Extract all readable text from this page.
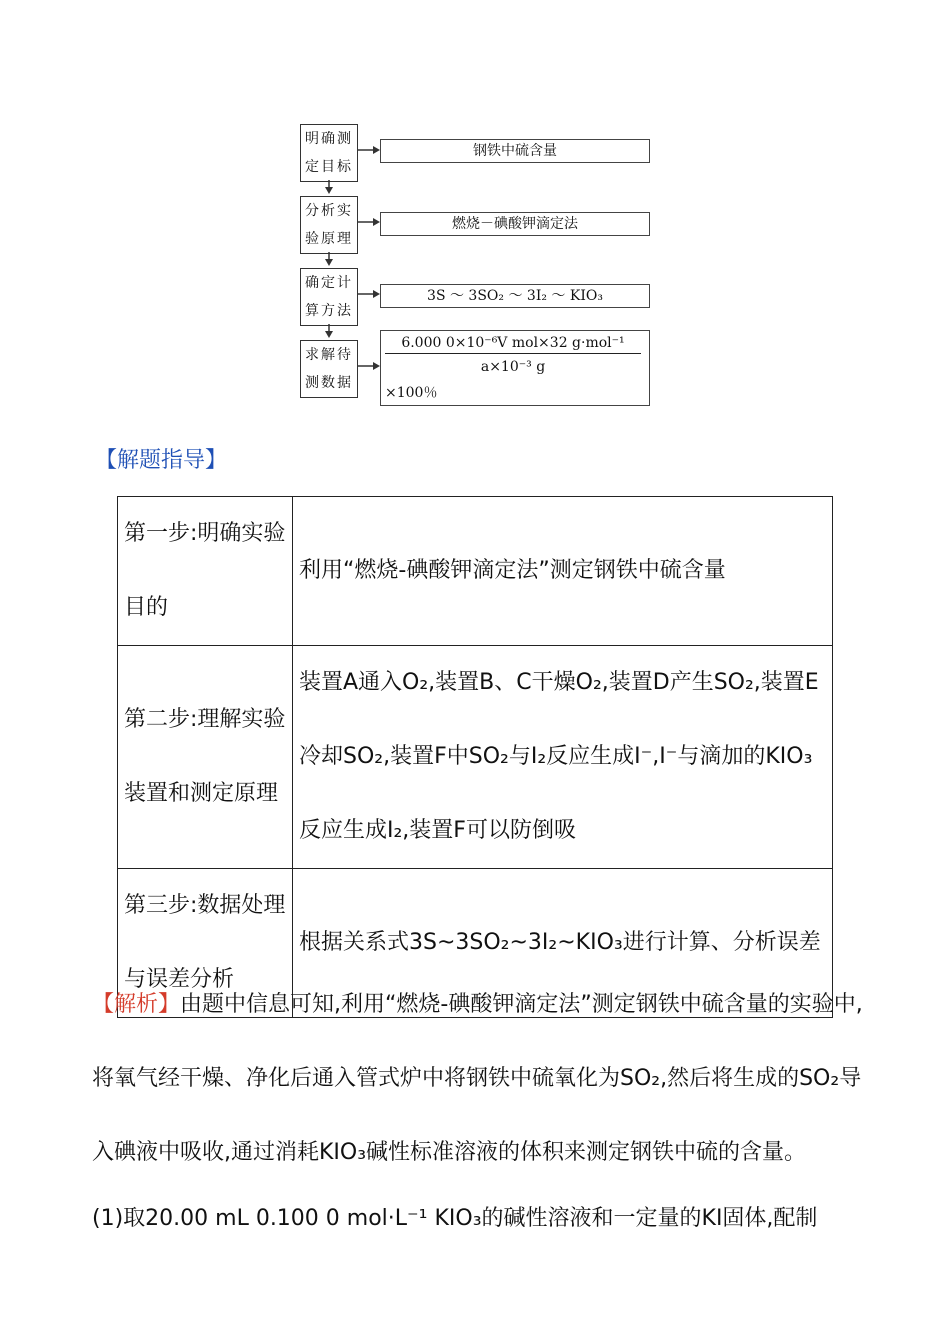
明确测定目标
钢铁中硫含量
分析实验原理
燃烧－碘酸钾滴定法
确定计算方法
3S ～ 3SO₂ ～ 3I₂ ～ KIO₃
求解待测数据
6.000 0×10⁻⁶V mol×32 g·mol⁻¹
a×10⁻³ g
×100％
【解题指导】
第一步:明确实验目的	利用“燃烧-碘酸钾滴定法”测定钢铁中硫含量
第二步:理解实验装置和测定原理	装置A通入O₂,装置B、C干燥O₂,装置D产生SO₂,装置E冷却SO₂,装置F中SO₂与I₂反应生成I⁻,I⁻与滴加的KIO₃反应生成I₂,装置F可以防倒吸
第三步:数据处理与误差分析	根据关系式3S~3SO₂~3I₂~KIO₃进行计算、分析误差
【解析】由题中信息可知,利用“燃烧-碘酸钾滴定法”测定钢铁中硫含量的实验中,将氧气经干燥、净化后通入管式炉中将钢铁中硫氧化为SO₂,然后将生成的SO₂导入碘液中吸收,通过消耗KIO₃碱性标准溶液的体积来测定钢铁中硫的含量。
(1)取20.00 mL 0.100 0 mol·L⁻¹ KIO₃的碱性溶液和一定量的KI固体,配制
